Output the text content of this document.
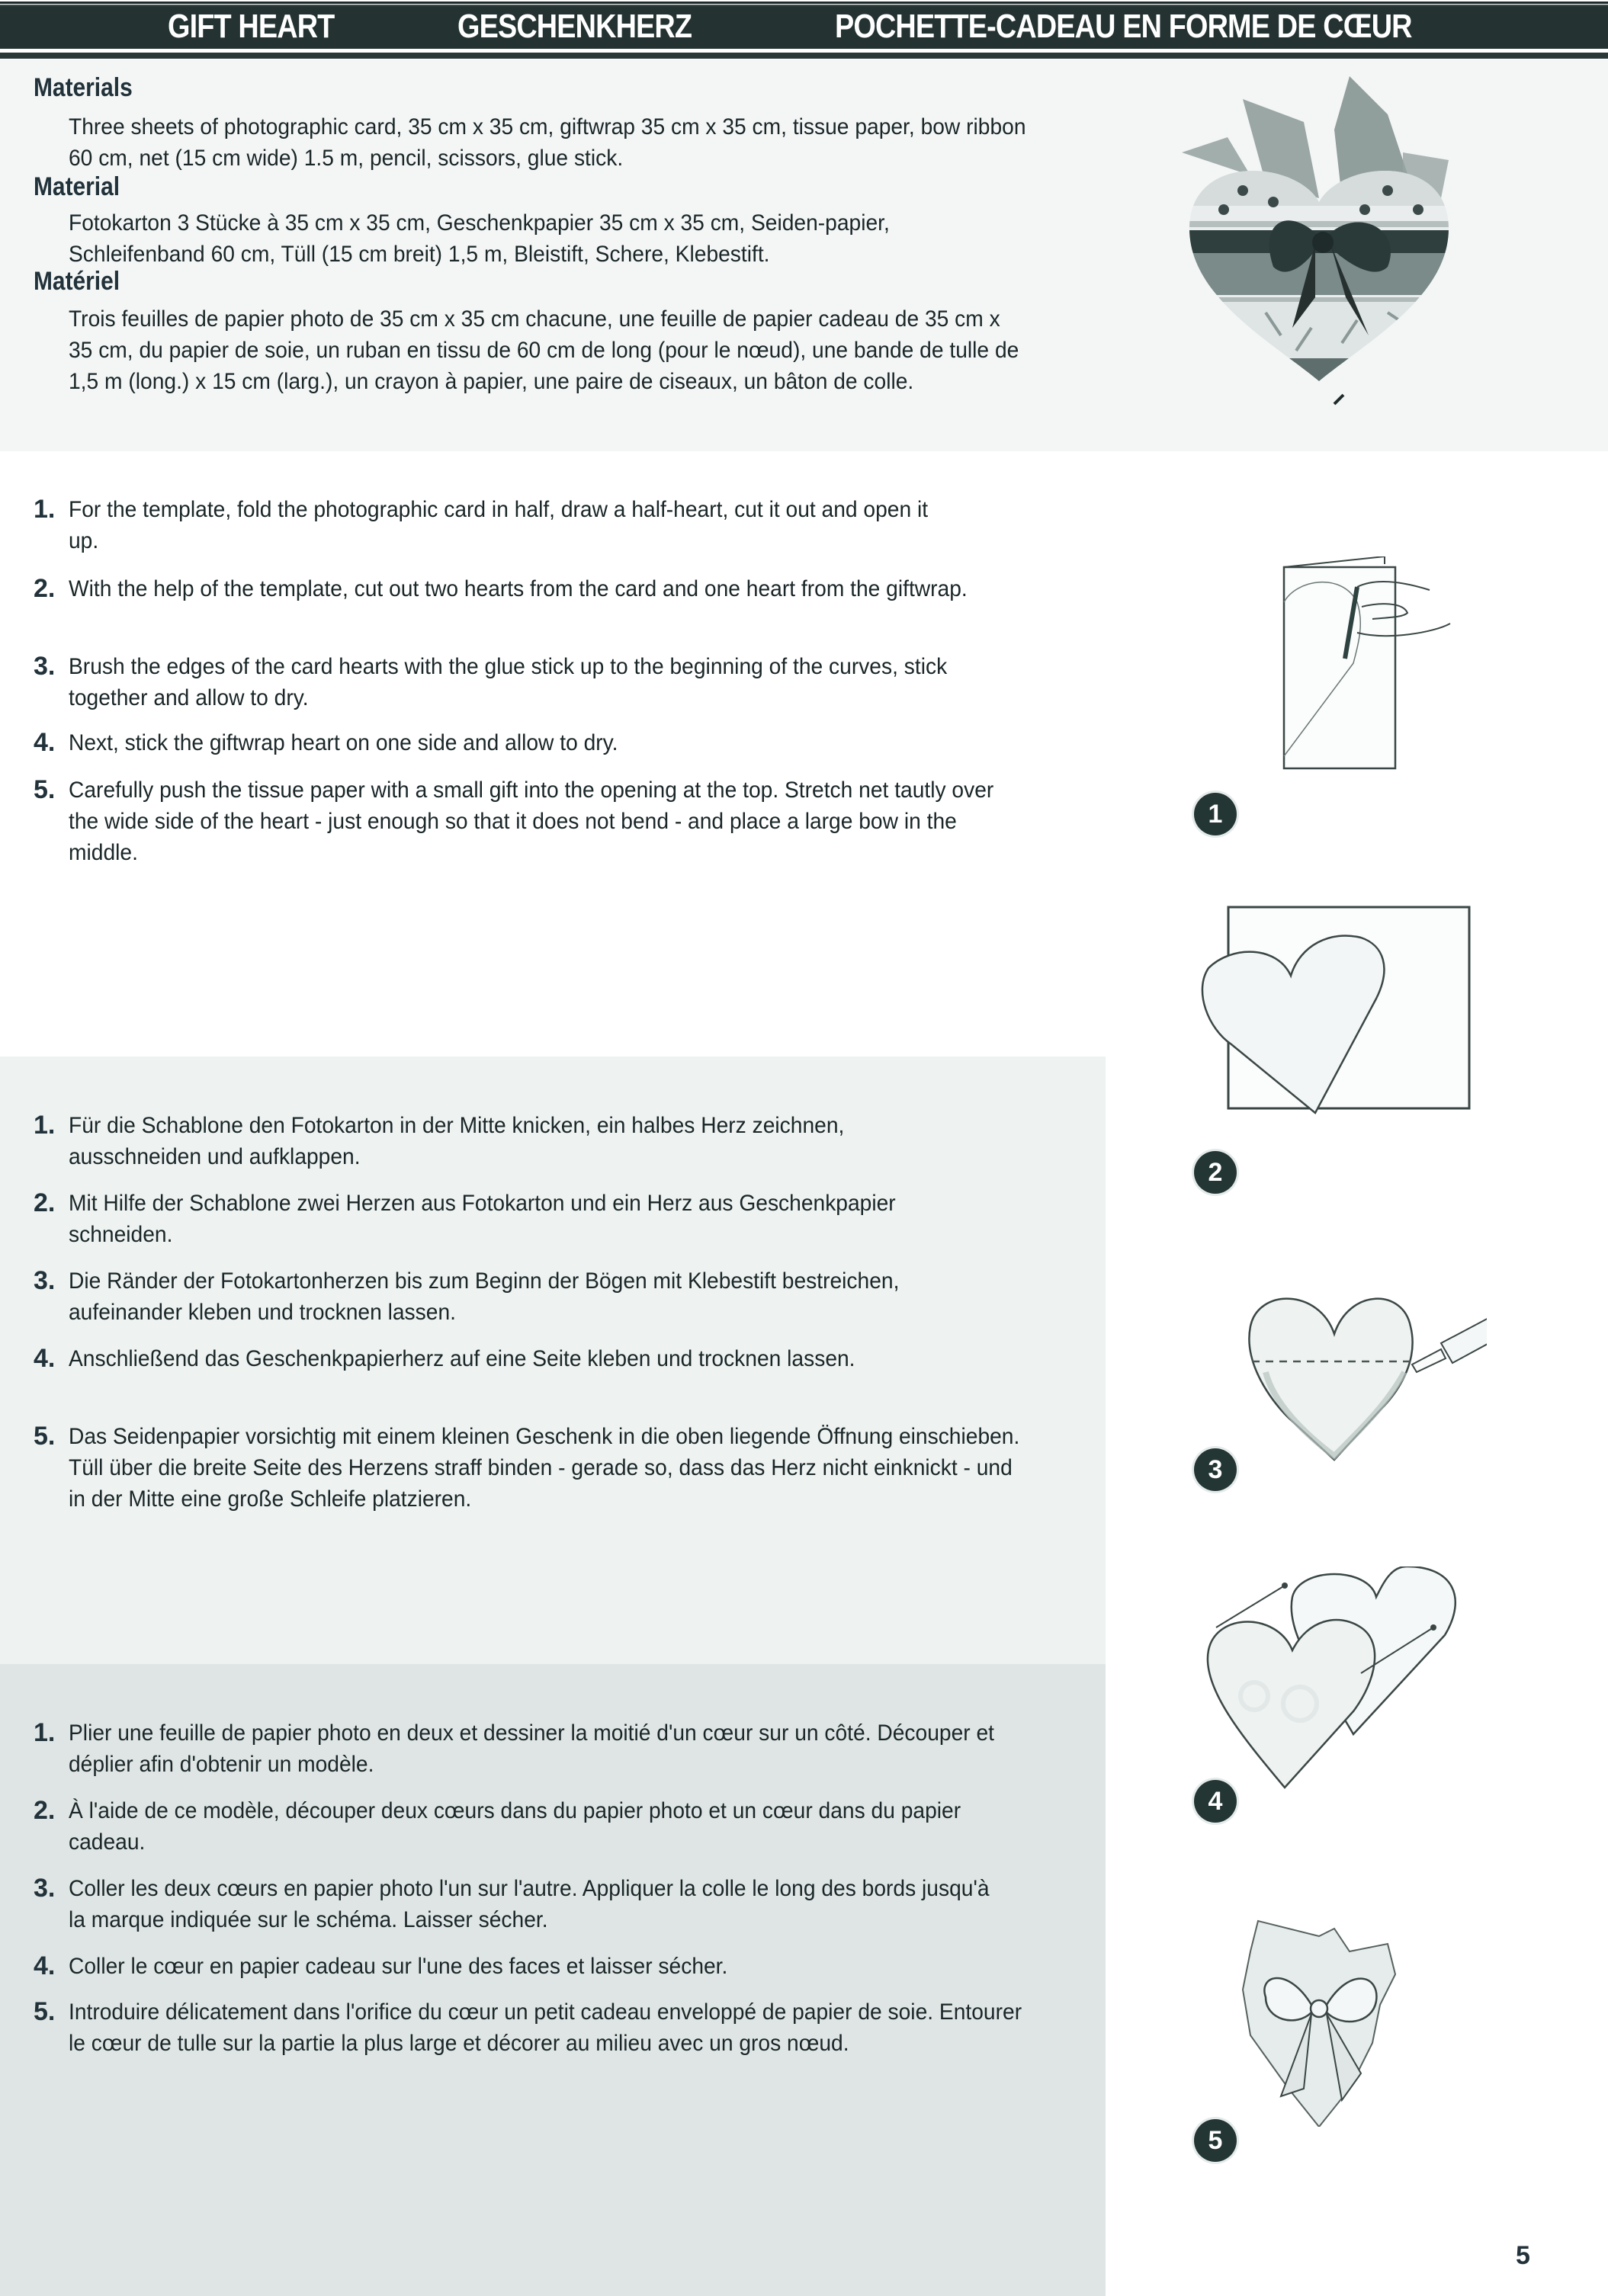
GIFT HEART	GESCHENKHERZ	POCHETTE-CADEAU EN FORME DE CŒUR
Materials
Three sheets of photographic card, 35 cm x 35 cm, giftwrap 35 cm x 35 cm, tissue paper, bow ribbon 60 cm, net (15 cm wide) 1.5 m, pencil, scissors, glue stick.
Material
Fotokarton 3 Stücke à 35 cm x 35 cm, Geschenkpapier 35 cm x 35 cm, Seiden-papier, Schleifenband 60 cm, Tüll (15 cm breit) 1,5 m, Bleistift, Schere, Klebestift.
Matériel
Trois feuilles de papier photo de 35 cm x 35 cm chacune, une feuille de papier cadeau de 35 cm x 35 cm, du papier de soie, un ruban en tissu de 60 cm de long (pour le nœud), une bande de tulle de 1,5 m (long.) x 15 cm (larg.), un crayon à papier, une paire de ciseaux, un bâton de colle.
1. For the template, fold the photographic card in half, draw a half-heart, cut it out and open it up.
2. With the help of the template, cut out two hearts from the card and one heart from the giftwrap.
3. Brush the edges of the card hearts with the glue stick up to the beginning of the curves, stick together and allow to dry.
4. Next, stick the giftwrap heart on one side and allow to dry.
5. Carefully push the tissue paper with a small gift into the opening at the top. Stretch net tautly over the wide side of the heart - just enough so that it does not bend - and place a large bow in the middle.
1. Für die Schablone den Fotokarton in der Mitte knicken, ein halbes Herz zeichnen, ausschneiden und aufklappen.
2. Mit Hilfe der Schablone zwei Herzen aus Fotokarton und ein Herz aus Geschenkpapier schneiden.
3. Die Ränder der Fotokartonherzen bis zum Beginn der Bögen mit Klebestift bestreichen, aufeinander kleben und trocknen lassen.
4. Anschließend das Geschenkpapierherz auf eine Seite kleben und trocknen lassen.
5. Das Seidenpapier vorsichtig mit einem kleinen Geschenk in die oben liegende Öffnung einschieben. Tüll über die breite Seite des Herzens straff binden - gerade so, dass das Herz nicht einknickt - und in der Mitte eine große Schleife platzieren.
1. Plier une feuille de papier photo en deux et dessiner la moitié d'un cœur sur un côté. Découper et déplier afin d'obtenir un modèle.
2. À l'aide de ce modèle, découper deux cœurs dans du papier photo et un cœur dans du papier cadeau.
3. Coller les deux cœurs en papier photo l'un sur l'autre. Appliquer la colle le long des bords jusqu'à la marque indiquée sur le schéma. Laisser sécher.
4. Coller le cœur en papier cadeau sur l'une des faces et laisser sécher.
5. Introduire délicatement dans l'orifice du cœur un petit cadeau enveloppé de papier de soie. Entourer le cœur de tulle sur la partie la plus large et décorer au milieu avec un gros nœud.
1
2
3
4
5
5
